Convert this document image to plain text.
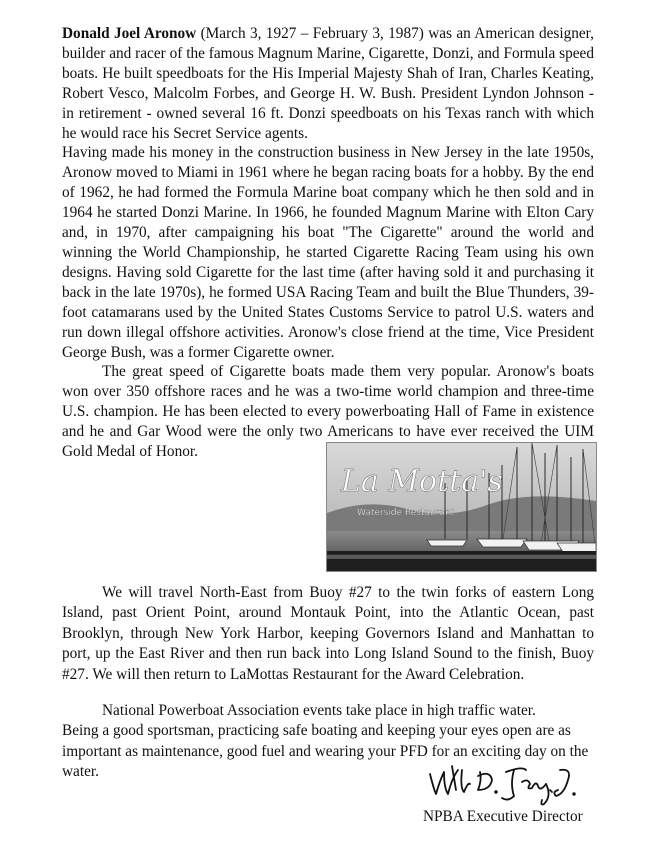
Donald Joel Aronow (March 3, 1927 – February 3, 1987) was an American designer, builder and racer of the famous Magnum Marine, Cigarette, Donzi, and Formula speed boats. He built speedboats for the His Imperial Majesty Shah of Iran, Charles Keating, Robert Vesco, Malcolm Forbes, and George H. W. Bush. President Lyndon Johnson - in retirement - owned several 16 ft. Donzi speedboats on his Texas ranch with which he would race his Secret Service agents.

Having made his money in the construction business in New Jersey in the late 1950s, Aronow moved to Miami in 1961 where he began racing boats for a hobby. By the end of 1962, he had formed the Formula Marine boat company which he then sold and in 1964 he started Donzi Marine. In 1966, he founded Magnum Marine with Elton Cary and, in 1970, after campaigning his boat "The Cigarette" around the world and winning the World Championship, he started Cigarette Racing Team using his own designs. Having sold Cigarette for the last time (after having sold it and purchasing it back in the late 1970s), he formed USA Racing Team and built the Blue Thunders, 39-foot catamarans used by the United States Customs Service to patrol U.S. waters and run down illegal offshore activities. Aronow's close friend at the time, Vice President George Bush, was a former Cigarette owner.

The great speed of Cigarette boats made them very popular. Aronow's boats won over 350 offshore races and he was a two-time world champion and three-time U.S. champion. He has been elected to every powerboating Hall of Fame in existence and he and Gar Wood were the only two Americans to have ever received the UIM Gold Medal of Honor.

La Motta's
Waterside Restaurant

We will travel North-East from Buoy #27 to the twin forks of eastern Long Island, past Orient Point, around Montauk Point, into the Atlantic Ocean, past Brooklyn, through New York Harbor, keeping Governors Island and Manhattan to port, up the East River and then run back into Long Island Sound to the finish, Buoy #27. We will then return to LaMottas Restaurant for the Award Celebration.

National Powerboat Association events take place in high traffic water.

Being a good sportsman, practicing safe boating and keeping your eyes open are as important as maintenance, good fuel and wearing your PFD for an exciting day on the water.

NPBA Executive Director
